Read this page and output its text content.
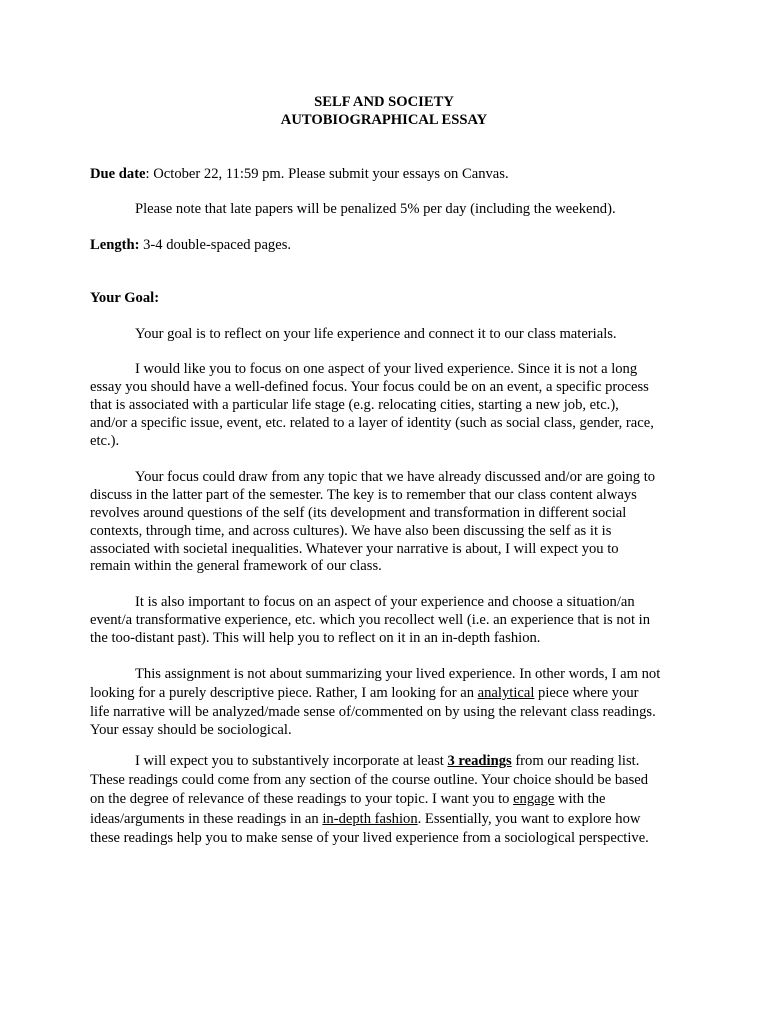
SELF AND SOCIETY
AUTOBIOGRAPHICAL ESSAY
Due date: October 22, 11:59 pm. Please submit your essays on Canvas.
Please note that late papers will be penalized 5% per day (including the weekend).
Length: 3-4 double-spaced pages.
Your Goal:
Your goal is to reflect on your life experience and connect it to our class materials.
I would like you to focus on one aspect of your lived experience. Since it is not a long
essay you should have a well-defined focus. Your focus could be on an event, a specific process
that is associated with a particular life stage (e.g. relocating cities, starting a new job, etc.),
and/or a specific issue, event, etc. related to a layer of identity (such as social class, gender, race,
etc.).
Your focus could draw from any topic that we have already discussed and/or are going to
discuss in the latter part of the semester. The key is to remember that our class content always
revolves around questions of the self (its development and transformation in different social
contexts, through time, and across cultures). We have also been discussing the self as it is
associated with societal inequalities. Whatever your narrative is about, I will expect you to
remain within the general framework of our class.
It is also important to focus on an aspect of your experience and choose a situation/an
event/a transformative experience, etc. which you recollect well (i.e. an experience that is not in
the too-distant past). This will help you to reflect on it in an in-depth fashion.
This assignment is not about summarizing your lived experience. In other words, I am not
looking for a purely descriptive piece. Rather, I am looking for an analytical piece where your
life narrative will be analyzed/made sense of/commented on by using the relevant class readings.
Your essay should be sociological.
I will expect you to substantively incorporate at least 3 readings from our reading list.
These readings could come from any section of the course outline. Your choice should be based
on the degree of relevance of these readings to your topic. I want you to engage with the
ideas/arguments in these readings in an in-depth fashion. Essentially, you want to explore how
these readings help you to make sense of your lived experience from a sociological perspective.
